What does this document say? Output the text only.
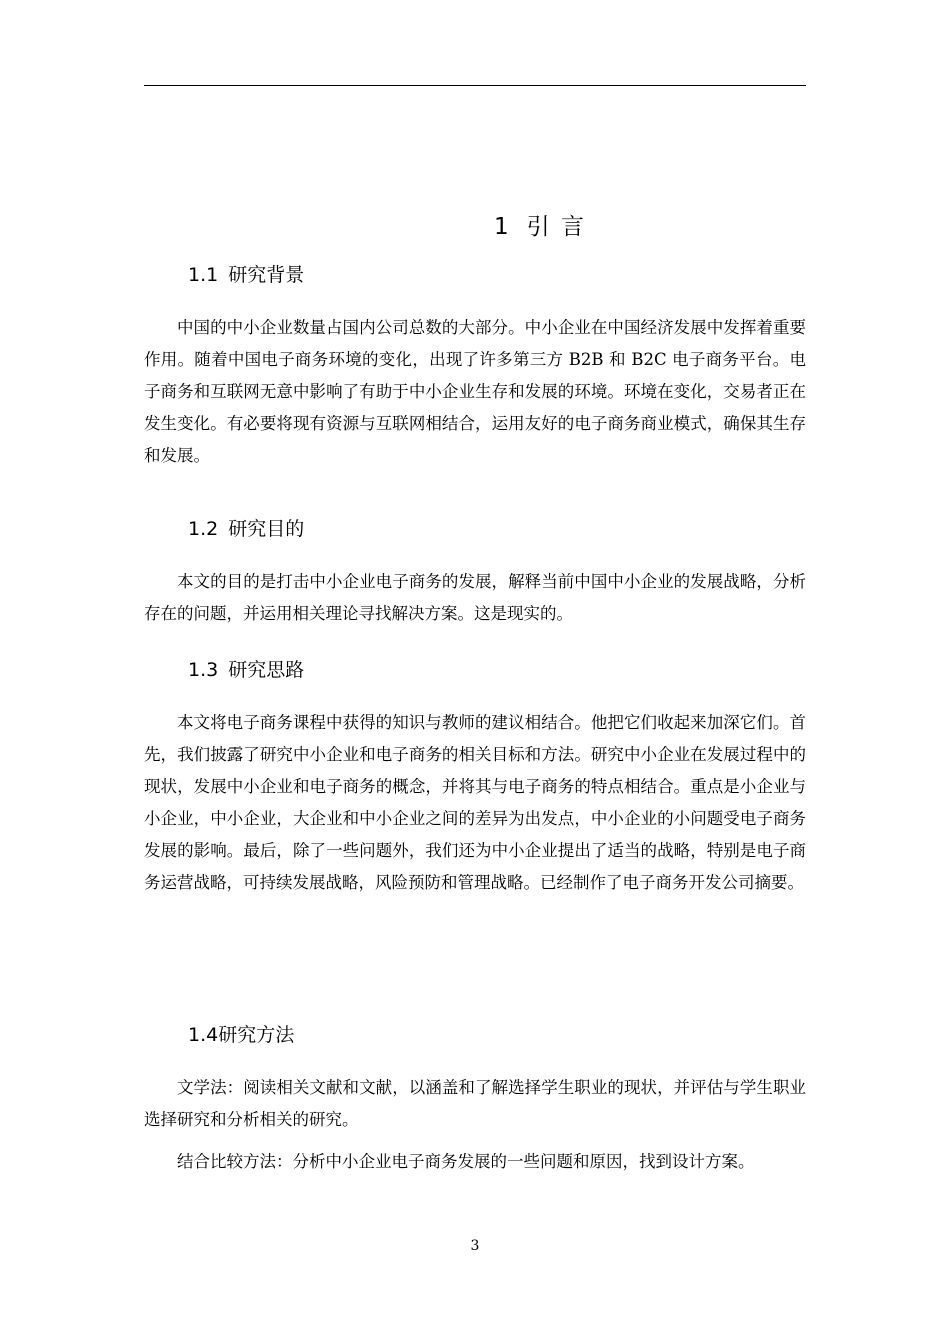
1 引 言
1.1 研究背景

中国的中小企业数量占国内公司总数的大部分。中小企业在中国经济发展中发挥着重要作用。随着中国电子商务环境的变化，出现了许多第三方 B2B 和 B2C 电子商务平台。电子商务和互联网无意中影响了有助于中小企业生存和发展的环境。环境在变化，交易者正在发生变化。有必要将现有资源与互联网相结合，运用友好的电子商务商业模式，确保其生存和发展。

1.2 研究目的

本文的目的是打击中小企业电子商务的发展，解释当前中国中小企业的发展战略，分析存在的问题，并运用相关理论寻找解决方案。这是现实的。

1.3 研究思路

本文将电子商务课程中获得的知识与教师的建议相结合。他把它们收起来加深它们。首先，我们披露了研究中小企业和电子商务的相关目标和方法。研究中小企业在发展过程中的现状，发展中小企业和电子商务的概念，并将其与电子商务的特点相结合。重点是小企业与小企业，中小企业，大企业和中小企业之间的差异为出发点，中小企业的小问题受电子商务发展的影响。最后，除了一些问题外，我们还为中小企业提出了适当的战略，特别是电子商务运营战略，可持续发展战略，风险预防和管理战略。已经制作了电子商务开发公司摘要。

1.4研究方法

文学法：阅读相关文献和文献，以涵盖和了解选择学生职业的现状，并评估与学生职业选择研究和分析相关的研究。

结合比较方法：分析中小企业电子商务发展的一些问题和原因，找到设计方案。

3
